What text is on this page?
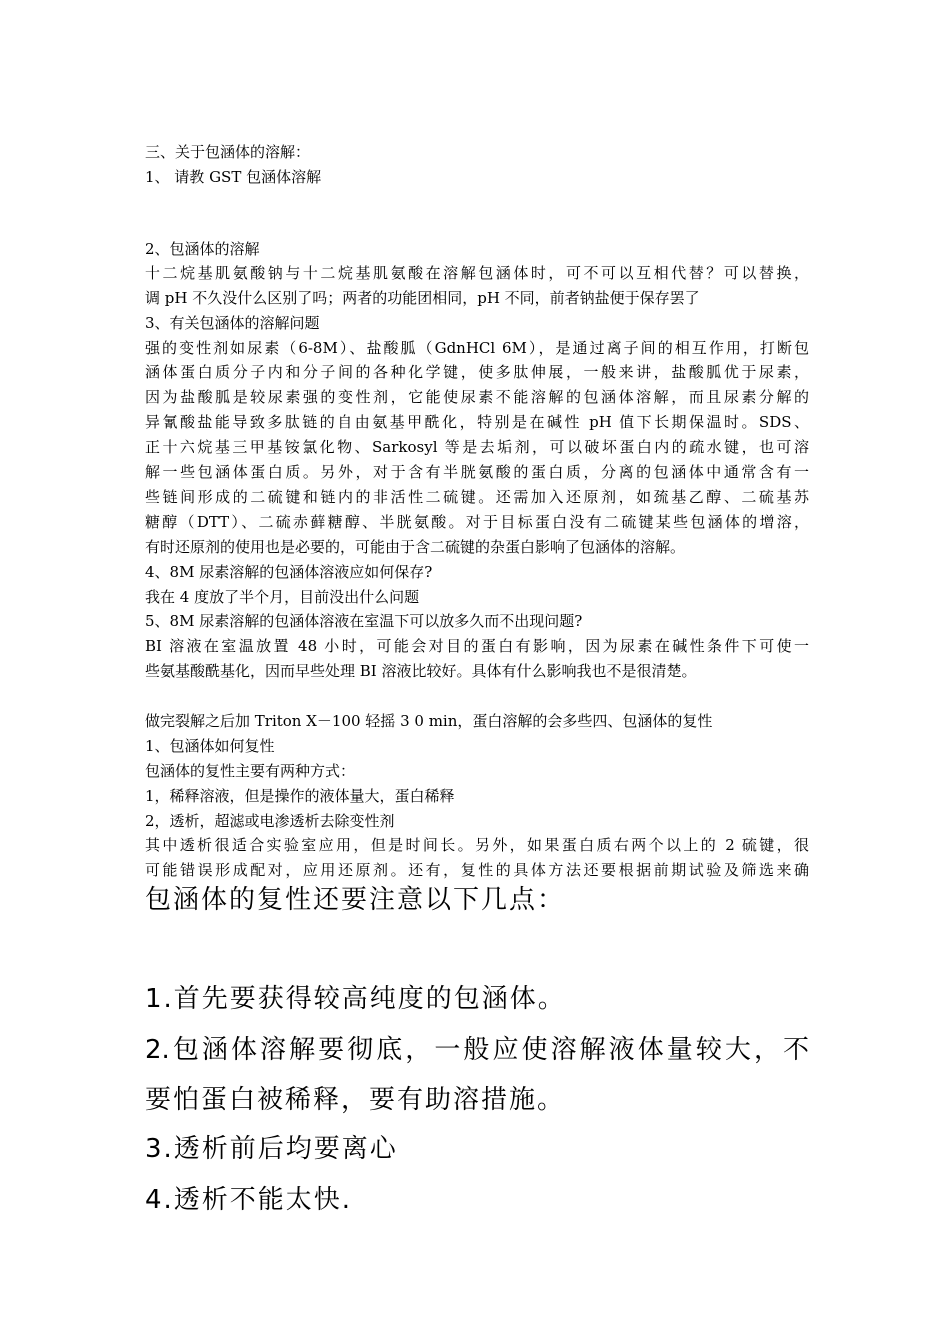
三、关于包涵体的溶解：
1、 请教 GST 包涵体溶解
2、包涵体的溶解
十二烷基肌氨酸钠与十二烷基肌氨酸在溶解包涵体时，可不可以互相代替？可以替换，
调 pH 不久没什么区别了吗；两者的功能团相同，pH 不同，前者钠盐便于保存罢了
3、有关包涵体的溶解问题
强的变性剂如尿素（6-8M）、盐酸胍（GdnHCl 6M），是通过离子间的相互作用，打断包
涵体蛋白质分子内和分子间的各种化学键，使多肽伸展，一般来讲，盐酸胍优于尿素，
因为盐酸胍是较尿素强的变性剂，它能使尿素不能溶解的包涵体溶解，而且尿素分解的
异氰酸盐能导致多肽链的自由氨基甲酰化，特别是在碱性 pH 值下长期保温时。SDS、
正十六烷基三甲基铵氯化物、Sarkosyl 等是去垢剂，可以破坏蛋白内的疏水键，也可溶
解一些包涵体蛋白质。另外，对于含有半胱氨酸的蛋白质，分离的包涵体中通常含有一
些链间形成的二硫键和链内的非活性二硫键。还需加入还原剂，如巯基乙醇、二硫基苏
糖醇（DTT）、二硫赤藓糖醇、半胱氨酸。对于目标蛋白没有二硫键某些包涵体的增溶，
有时还原剂的使用也是必要的，可能由于含二硫键的杂蛋白影响了包涵体的溶解。
4、8M 尿素溶解的包涵体溶液应如何保存?
我在 4 度放了半个月，目前没出什么问题
5、8M 尿素溶解的包涵体溶液在室温下可以放多久而不出现问题?
BI 溶液在室温放置 48 小时，可能会对目的蛋白有影响，因为尿素在碱性条件下可使一
些氨基酸酰基化，因而早些处理 BI 溶液比较好。具体有什么影响我也不是很清楚。
做完裂解之后加 Triton X－100 轻摇 3 0 min，蛋白溶解的会多些四、包涵体的复性
1、包涵体如何复性
包涵体的复性主要有两种方式：
1，稀释溶液，但是操作的液体量大，蛋白稀释
2，透析，超滤或电渗透析去除变性剂
其中透析很适合实验室应用，但是时间长。另外，如果蛋白质右两个以上的 2 硫键，很
可能错误形成配对，应用还原剂。还有，复性的具体方法还要根据前期试验及筛选来确
包涵体的复性还要注意以下几点：
1.首先要获得较高纯度的包涵体。
2.包涵体溶解要彻底，一般应使溶解液体量较大，不
要怕蛋白被稀释，要有助溶措施。
3.透析前后均要离心
4.透析不能太快.
